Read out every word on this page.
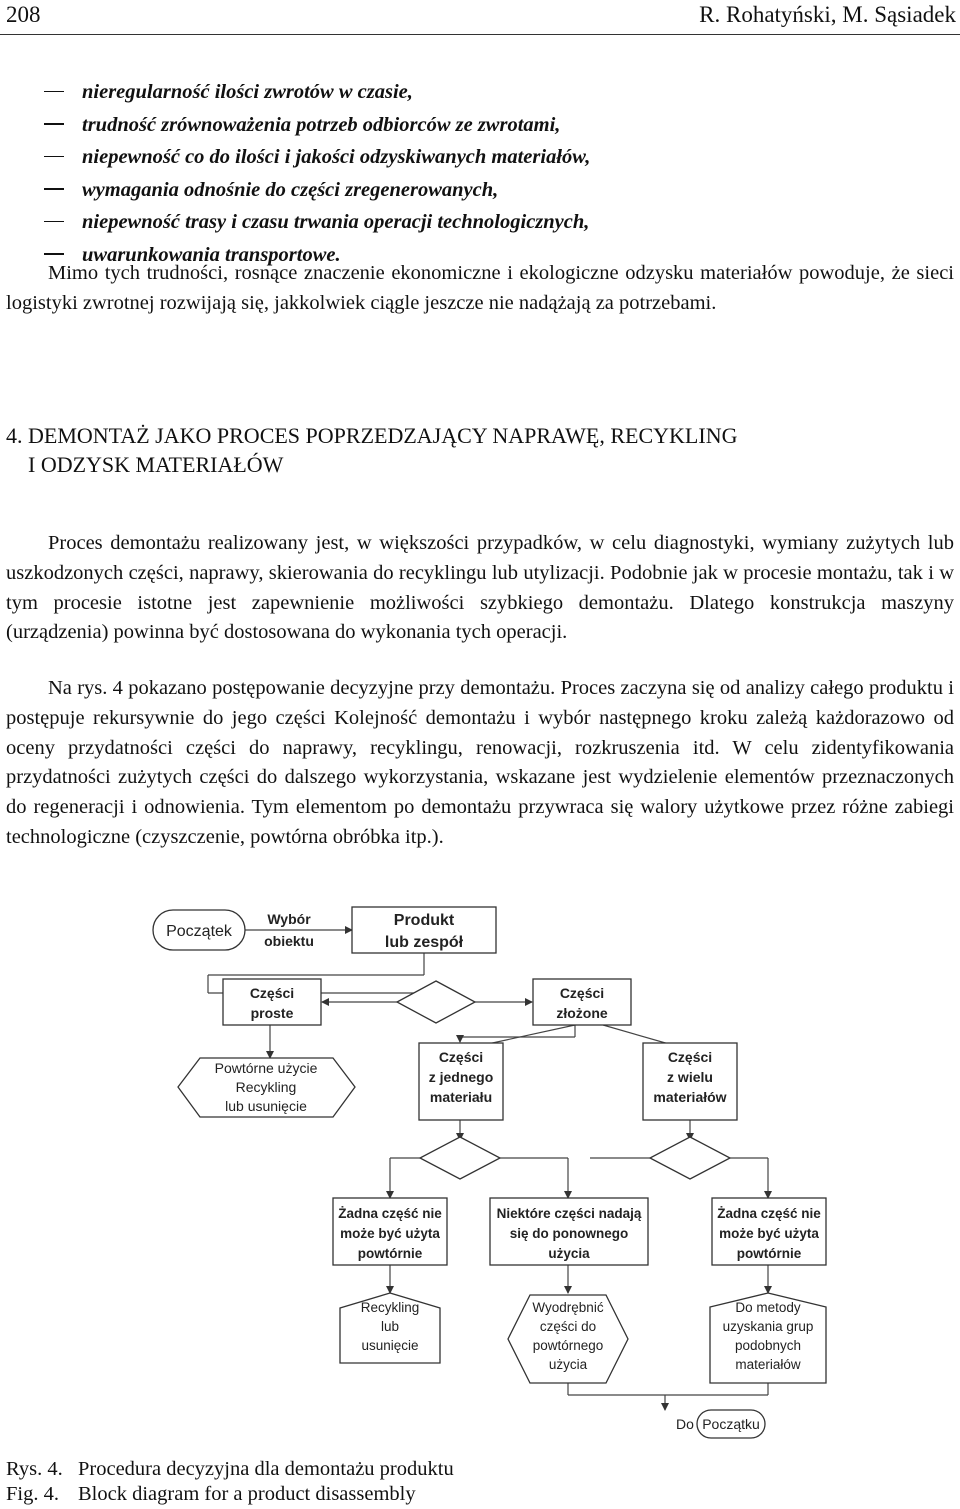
208	R. Rohatyński, M. Sąsiadek
nieregularność ilości zwrotów w czasie,
trudność zrównoważenia potrzeb odbiorców ze zwrotami,
niepewność co do ilości i jakości odzyskiwanych materiałów,
wymagania odnośnie do części zregenerowanych,
niepewność trasy i czasu trwania operacji technologicznych,
uwarunkowania transportowe.

Mimo tych trudności, rosnące znaczenie ekonomiczne i ekologiczne odzysku materiałów powoduje, że sieci logistyki zwrotnej rozwijają się, jakkolwiek ciągle jeszcze nie nadążają za potrzebami.

4. DEMONTAŻ JAKO PROCES POPRZEDZAJĄCY NAPRAWĘ, RECYKLING
I ODZYSK MATERIAŁÓW

Proces demontażu realizowany jest, w większości przypadków, w celu diagnostyki, wymiany zużytych lub uszkodzonych części, naprawy, skierowania do recyklingu lub utylizacji. Podobnie jak w procesie montażu, tak i w tym procesie istotne jest zapewnienie możliwości szybkiego demontażu. Dlatego konstrukcja maszyny (urządzenia) powinna być dostosowana do wykonania tych operacji.

Na rys. 4 pokazano postępowanie decyzyjne przy demontażu. Proces zaczyna się od analizy całego produktu i postępuje rekursywnie do jego części Kolejność demontażu i wybór następnego kroku zależą każdorazowo od oceny przydatności części do naprawy, recyklingu, renowacji, rozkruszenia itd. W celu zidentyfikowania przydatności zużytych części do dalszego wykorzystania, wskazane jest wydzielenie elementów przeznaczonych do regeneracji i odnowienia. Tym elementom po demontażu przywraca się walory użytkowe przez różne zabiegi technologiczne (czyszczenie, powtórna obróbka itp.).

Początek
Wybór
obiektu
Produkt
lub zespół
Części
proste
Części
złożone
Powtórne użycie
Recykling
lub usunięcie
Części
z jednego
materiału
Części
z wielu
materiałów
Żadna część nie
może być użyta
powtórnie
Niektóre części nadają
się do ponownego
użycia
Żadna część nie
może być użyta
powtórnie
Recykling
lub
usunięcie
Wyodrębnić
części do
powtórnego
użycia
Do metody
uzyskania grup
podobnych
materiałów
Do Początku
Rys. 4. Procedura decyzyjna dla demontażu produktu
Fig. 4. Block diagram for a product disassembly
